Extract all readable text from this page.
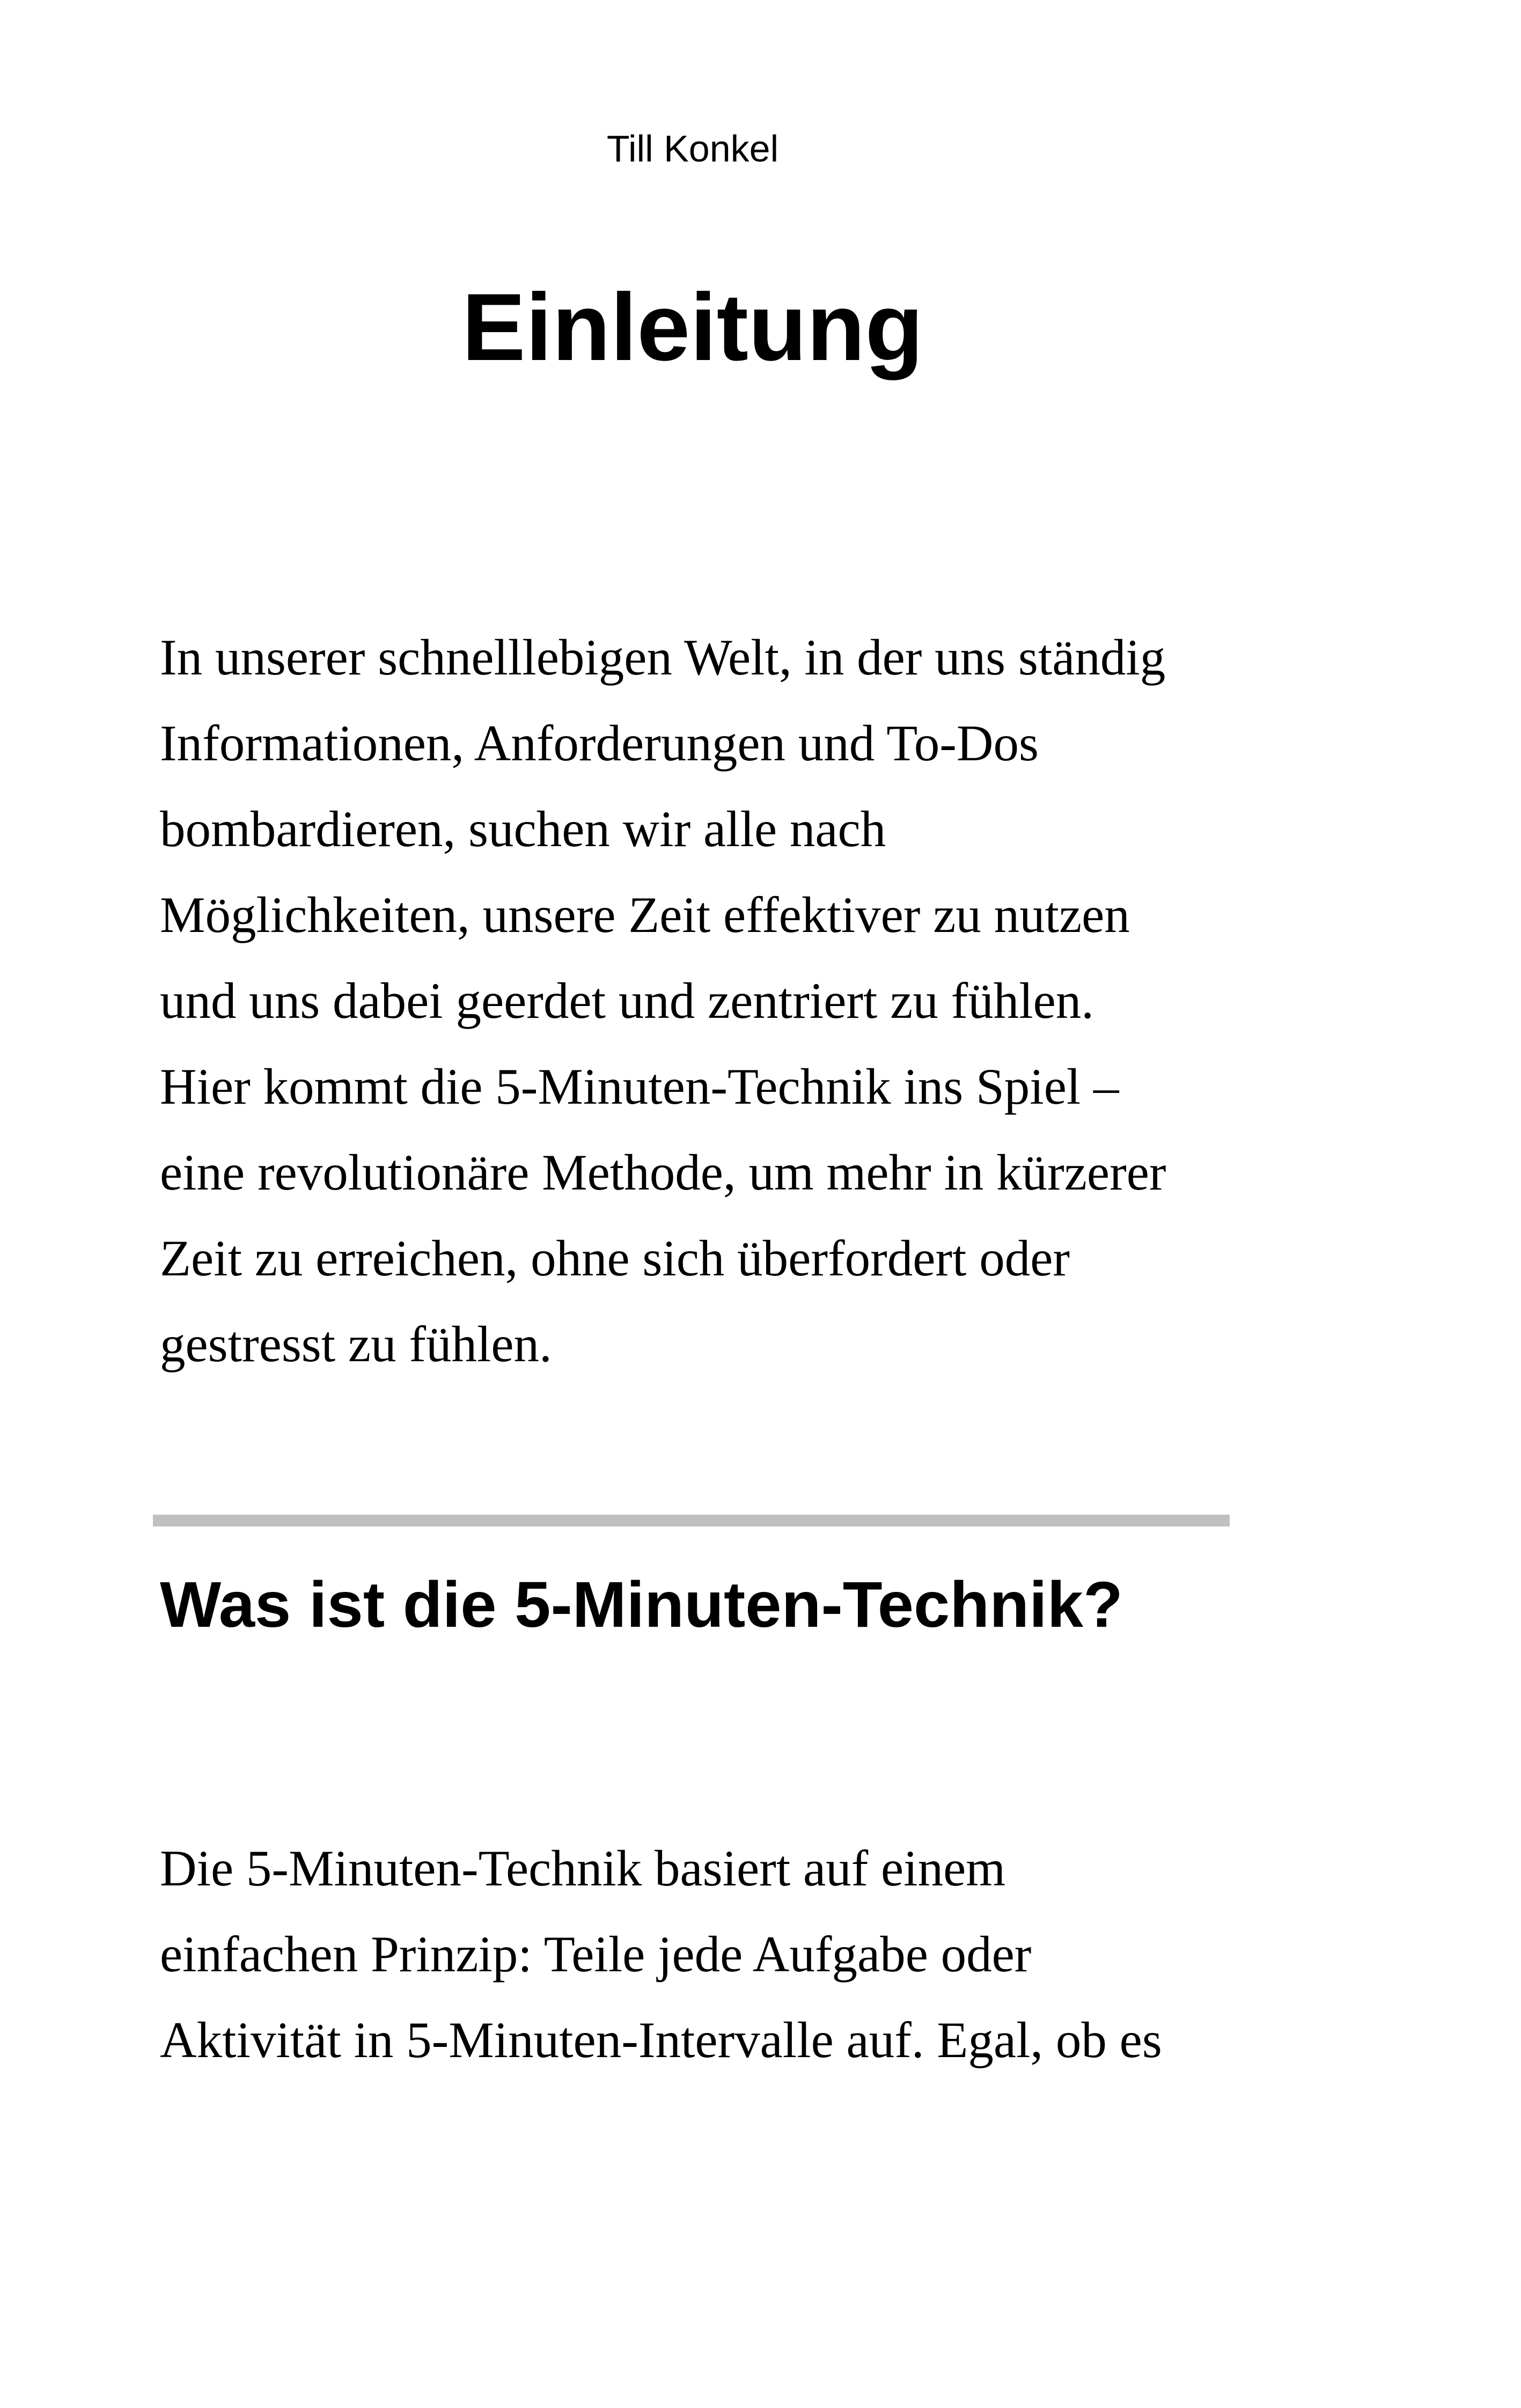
Till Konkel
Einleitung
In unserer schnelllebigen Welt, in der uns ständig
Informationen, Anforderungen und To-Dos
bombardieren, suchen wir alle nach
Möglichkeiten, unsere Zeit effektiver zu nutzen
und uns dabei geerdet und zentriert zu fühlen.
Hier kommt die 5-Minuten-Technik ins Spiel –
eine revolutionäre Methode, um mehr in kürzerer
Zeit zu erreichen, ohne sich überfordert oder
gestresst zu fühlen.
Was ist die 5-Minuten-Technik?
Die 5-Minuten-Technik basiert auf einem
einfachen Prinzip: Teile jede Aufgabe oder
Aktivität in 5-Minuten-Intervalle auf. Egal, ob es
